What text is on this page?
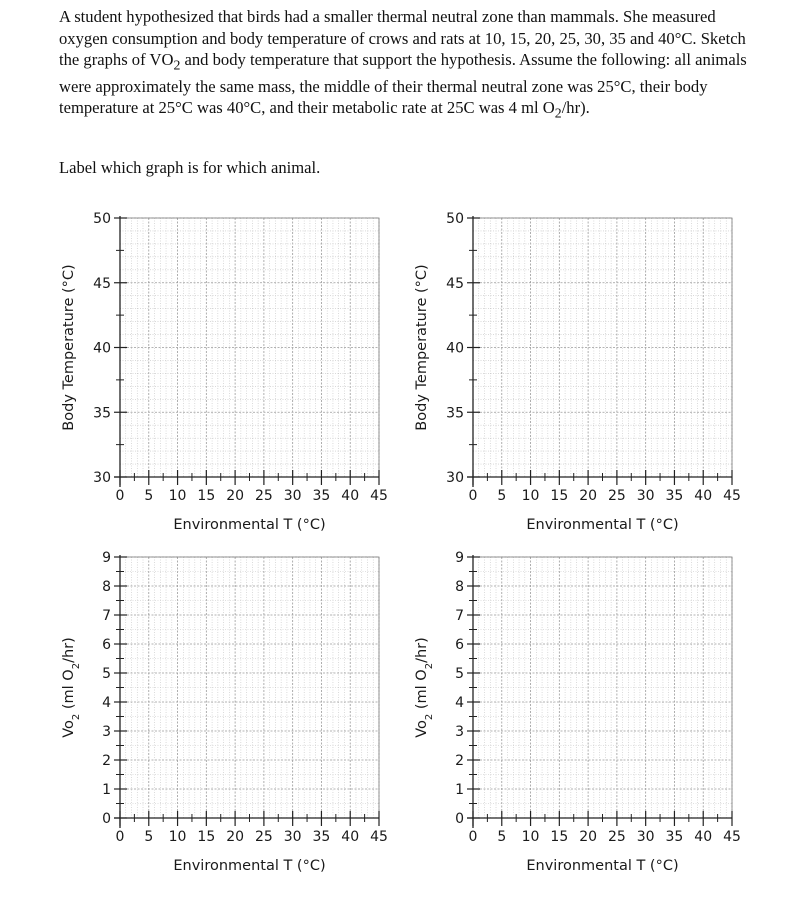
A student hypothesized that birds had a smaller thermal neutral zone than mammals. She measured oxygen consumption and body temperature of crows and rats at 10, 15, 20, 25, 30, 35 and 40°C. Sketch the graphs of $VO_2$ and body temperature that support the hypothesis. Assume the following: all animals were approximately the same mass, the middle of their thermal neutral zone was 25°C, their body temperature at 25°C was 40°C, and their metabolic rate at 25C was 4 ml $O_2/hr$).
Label which graph is for which animal.
0 5 10 15 20 25 30 35 40 45
50
45
40
35
30
Environmental T (°C)
Body Temperature (°C)
0 5 10 15 20 25 30 35 40 45
50
45
40
35
30
Environmental T (°C)
Body Temperature (°C)
0 5 10 15 20 25 30 35 40 45
9
8
7
6
5
4
3
2
1
0
Environmental T (°C)
$Vo_2$ (ml $O_2/hr$)
0 5 10 15 20 25 30 35 40 45
9
8
7
6
5
4
3
2
1
0
Environmental T (°C)
$Vo_2$ (ml $O_2/hr$)
